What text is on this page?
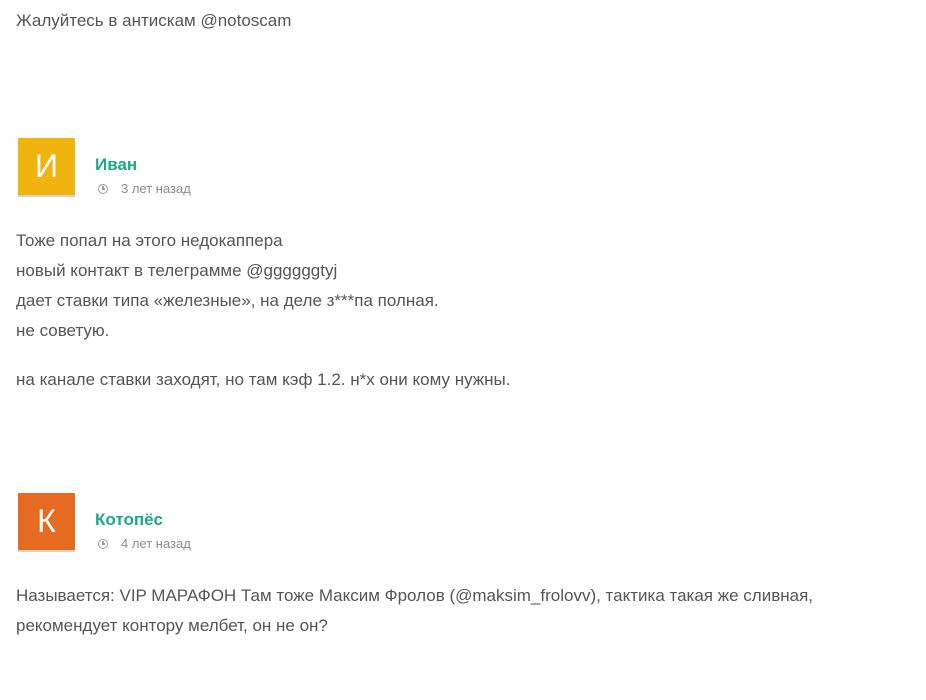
Жалуйтесь в антискам @notoscam
И Иван
3 лет назад

Тоже попал на этого недокаппера
новый контакт в телеграмме @ggggggtyj
дает ставки типа «железные», на деле з***па полная.
не советую.

на канале ставки заходят, но там кэф 1.2. н*х они кому нужны.

К Котопёс
4 лет назад

Называется: VIP МАРАФОН Там тоже Максим Фролов (@maksim_frolovv), тактика такая же сливная,
рекомендует контору мелбет, он не он?
